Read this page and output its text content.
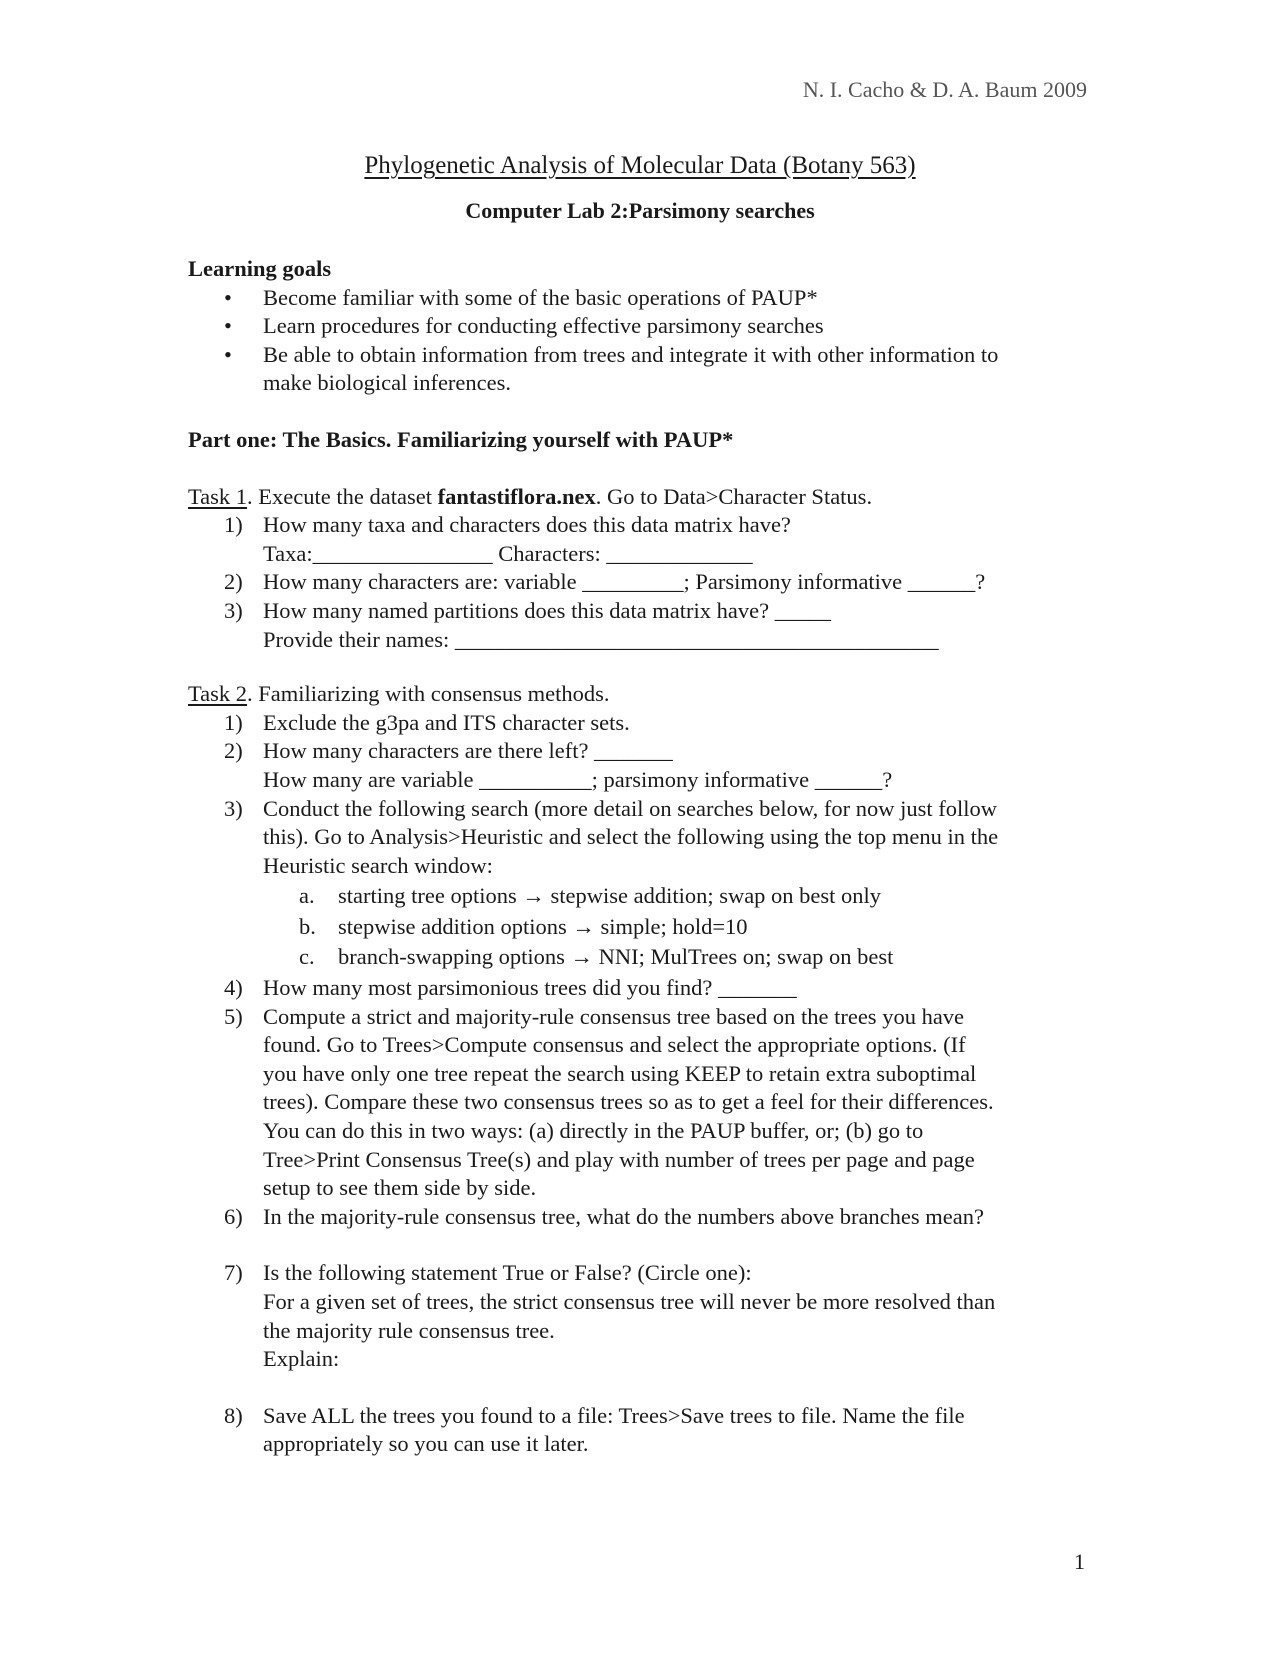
N. I. Cacho & D. A. Baum 2009
Phylogenetic Analysis of Molecular Data (Botany 563)
Computer Lab 2:Parsimony searches

Learning goals

• Become familiar with some of the basic operations of PAUP*
• Learn procedures for conducting effective parsimony searches
• Be able to obtain information from trees and integrate it with other information to
make biological inferences.

Part one: The Basics. Familiarizing yourself with PAUP*

Task 1. Execute the dataset fantastiflora.nex. Go to Data>Character Status.

1) How many taxa and characters does this data matrix have?
Taxa:________________ Characters: _____________
2) How many characters are: variable _________; Parsimony informative ______?
3) How many named partitions does this data matrix have? _____
Provide their names: ___________________________________________

Task 2. Familiarizing with consensus methods.

1) Exclude the g3pa and ITS character sets.
2) How many characters are there left? _______
How many are variable __________; parsimony informative ______?
3) Conduct the following search (more detail on searches below, for now just follow
this). Go to Analysis>Heuristic and select the following using the top menu in the
Heuristic search window:
a. starting tree options → stepwise addition; swap on best only
b. stepwise addition options → simple; hold=10
c. branch-swapping options → NNI; MulTrees on; swap on best
4) How many most parsimonious trees did you find? _______
5) Compute a strict and majority-rule consensus tree based on the trees you have
found. Go to Trees>Compute consensus and select the appropriate options. (If
you have only one tree repeat the search using KEEP to retain extra suboptimal
trees). Compare these two consensus trees so as to get a feel for their differences.
You can do this in two ways: (a) directly in the PAUP buffer, or; (b) go to
Tree>Print Consensus Tree(s) and play with number of trees per page and page
setup to see them side by side.
6) In the majority-rule consensus tree, what do the numbers above branches mean?
7) Is the following statement True or False? (Circle one):
For a given set of trees, the strict consensus tree will never be more resolved than
the majority rule consensus tree.
Explain:
8) Save ALL the trees you found to a file: Trees>Save trees to file. Name the file
appropriately so you can use it later.
1
